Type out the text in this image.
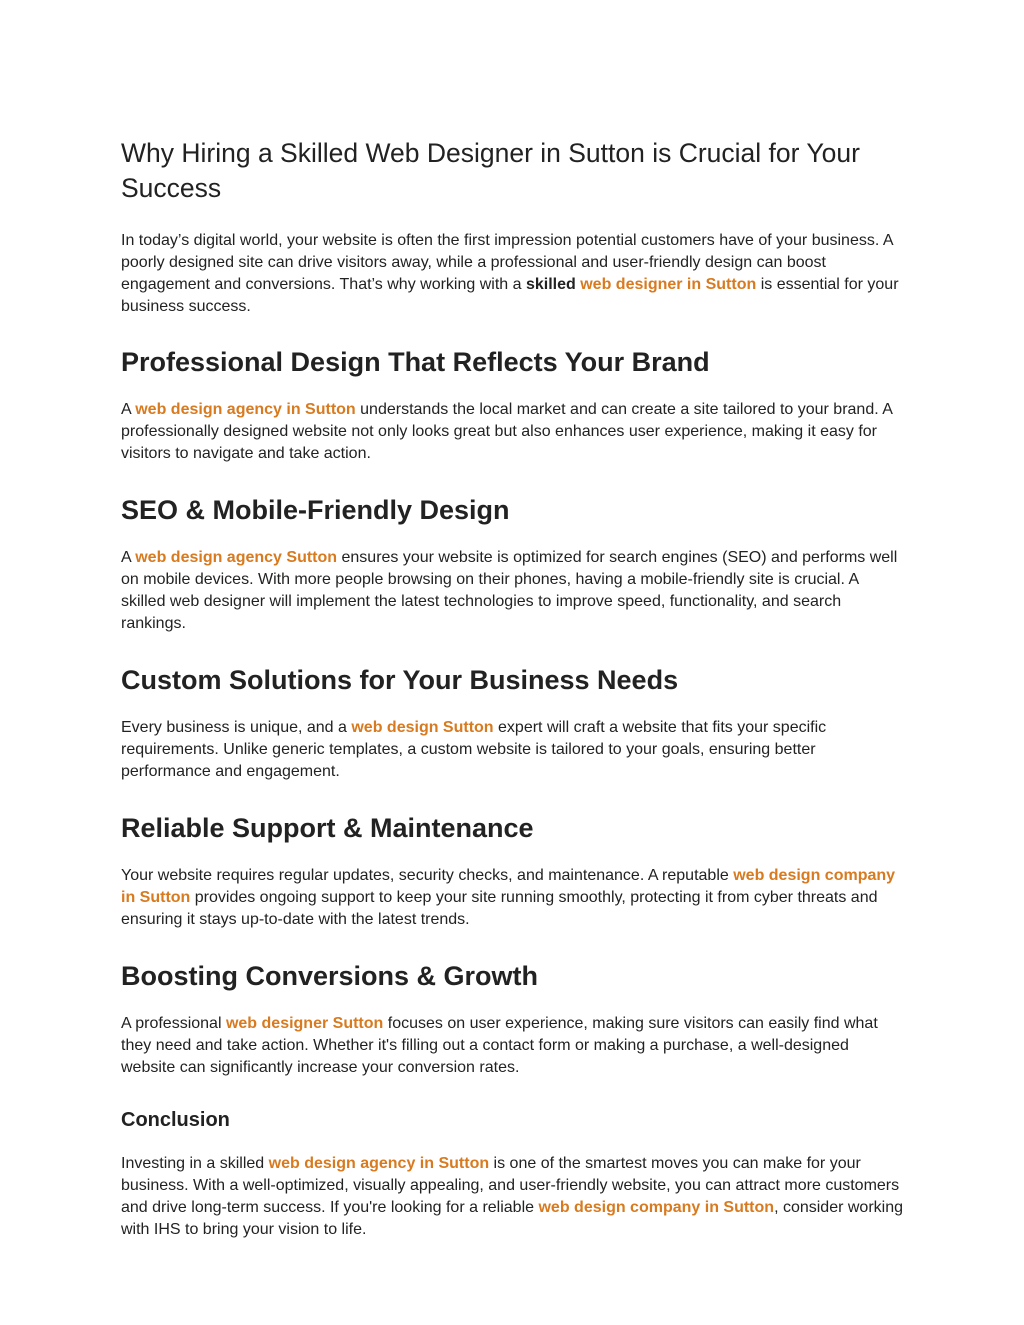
Why Hiring a Skilled Web Designer in Sutton is Crucial for Your Success

In today’s digital world, your website is often the first impression potential customers have of your business. A poorly designed site can drive visitors away, while a professional and user-friendly design can boost engagement and conversions. That’s why working with a skilled web designer in Sutton is essential for your business success.

Professional Design That Reflects Your Brand

A web design agency in Sutton understands the local market and can create a site tailored to your brand. A professionally designed website not only looks great but also enhances user experience, making it easy for visitors to navigate and take action.

SEO & Mobile-Friendly Design

A web design agency Sutton ensures your website is optimized for search engines (SEO) and performs well on mobile devices. With more people browsing on their phones, having a mobile-friendly site is crucial. A skilled web designer will implement the latest technologies to improve speed, functionality, and search rankings.

Custom Solutions for Your Business Needs

Every business is unique, and a web design Sutton expert will craft a website that fits your specific requirements. Unlike generic templates, a custom website is tailored to your goals, ensuring better performance and engagement.

Reliable Support & Maintenance

Your website requires regular updates, security checks, and maintenance. A reputable web design company in Sutton provides ongoing support to keep your site running smoothly, protecting it from cyber threats and ensuring it stays up-to-date with the latest trends.

Boosting Conversions & Growth

A professional web designer Sutton focuses on user experience, making sure visitors can easily find what they need and take action. Whether it's filling out a contact form or making a purchase, a well-designed website can significantly increase your conversion rates.

Conclusion

Investing in a skilled web design agency in Sutton is one of the smartest moves you can make for your business. With a well-optimized, visually appealing, and user-friendly website, you can attract more customers and drive long-term success. If you're looking for a reliable web design company in Sutton, consider working with IHS to bring your vision to life.
